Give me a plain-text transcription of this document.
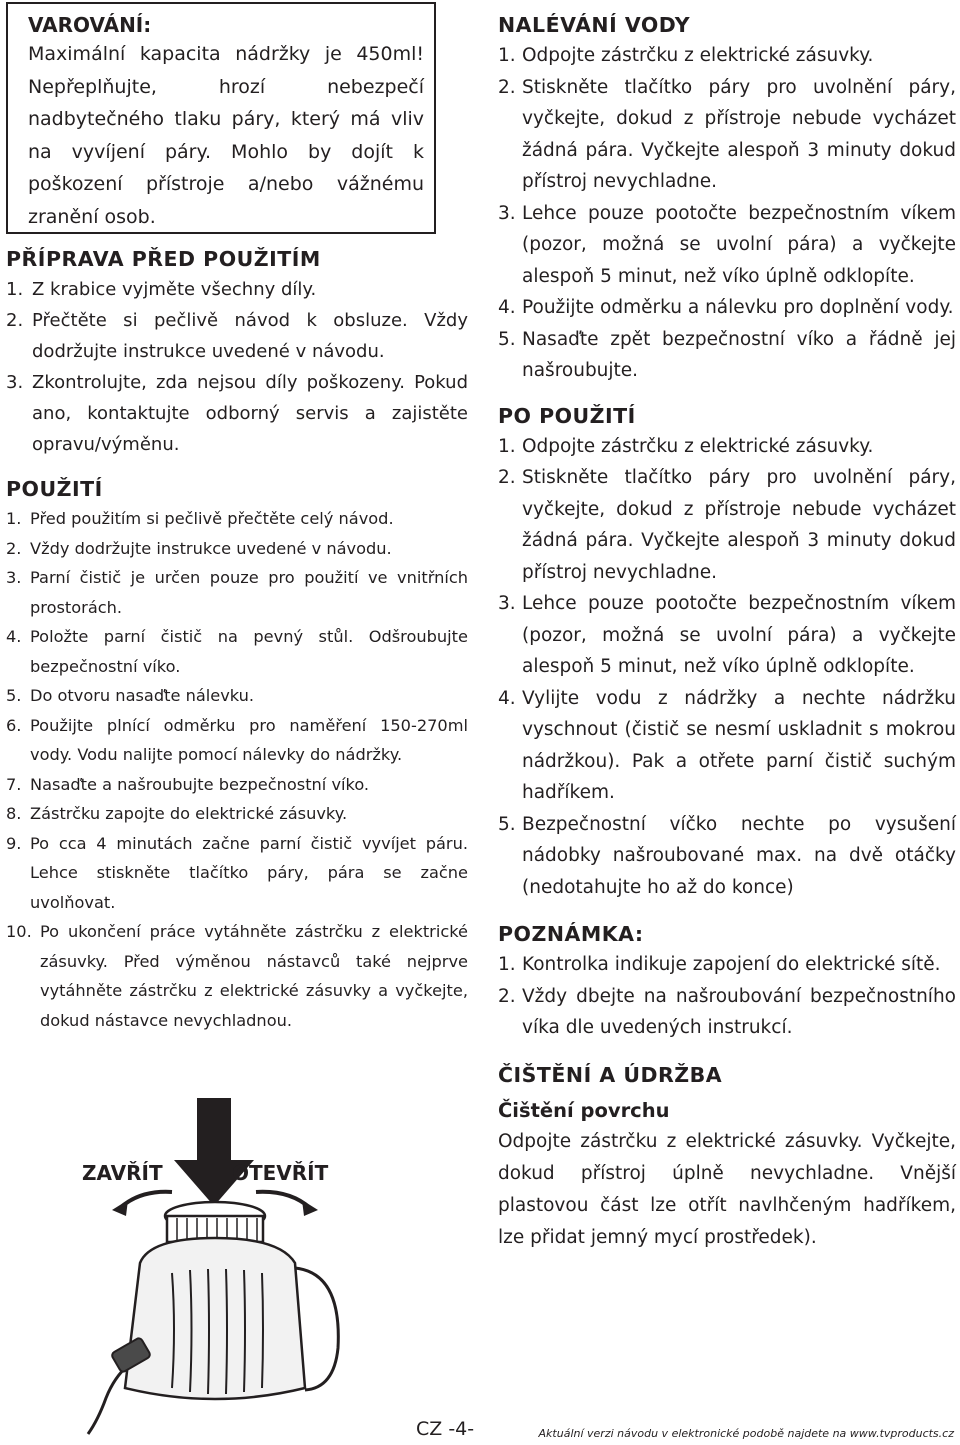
VAROVÁNÍ:
Maximální kapacita nádržky je 450ml! Nepřeplňujte, hrozí nebezpečí nadbytečného tlaku páry, který má vliv na vyvíjení páry. Mohlo by dojít k poškození přístroje a/nebo vážnému zranění osob.
PŘÍPRAVA PŘED POUŽITÍM
1. Z krabice vyjměte všechny díly.
2. Přečtěte si pečlivě návod k obsluze. Vždy dodržujte instrukce uvedené v návodu.
3. Zkontrolujte, zda nejsou díly poškozeny. Pokud ano, kontaktujte odborný servis a zajistěte opravu/výměnu.
POUŽITÍ
1. Před použitím si pečlivě přečtěte celý návod.
2. Vždy dodržujte instrukce uvedené v návodu.
3. Parní čistič je určen pouze pro použití ve vnitřních prostorách.
4. Položte parní čistič na pevný stůl. Odšroubujte bezpečnostní víko.
5. Do otvoru nasaďte nálevku.
6. Použijte plnící odměrku pro naměření 150-270ml vody. Vodu nalijte pomocí nálevky do nádržky.
7. Nasaďte a našroubujte bezpečnostní víko.
8. Zástrčku zapojte do elektrické zásuvky.
9. Po cca 4 minutách začne parní čistič vyvíjet páru. Lehce stiskněte tlačítko páry, pára se začne uvolňovat.
10. Po ukončení práce vytáhněte zástrčku z elektrické zásuvky. Před výměnou nástavců také nejprve vytáhněte zástrčku z elektrické zásuvky a vyčkejte, dokud nástavce nevychladnou.
ZAVŘÍT	OTEVŘÍT
NALÉVÁNÍ VODY
1. Odpojte zástrčku z elektrické zásuvky.
2. Stiskněte tlačítko páry pro uvolnění páry, vyčkejte, dokud z přístroje nebude vycházet žádná pára. Vyčkejte alespoň 3 minuty dokud přístroj nevychladne.
3. Lehce pouze pootočte bezpečnostním víkem (pozor, možná se uvolní pára) a vyčkejte alespoň 5 minut, než víko úplně odklopíte.
4. Použijte odměrku a nálevku pro doplnění vody.
5. Nasaďte zpět bezpečnostní víko a řádně jej našroubujte.
PO POUŽITÍ
1. Odpojte zástrčku z elektrické zásuvky.
2. Stiskněte tlačítko páry pro uvolnění páry, vyčkejte, dokud z přístroje nebude vycházet žádná pára. Vyčkejte alespoň 3 minuty dokud přístroj nevychladne.
3. Lehce pouze pootočte bezpečnostním víkem (pozor, možná se uvolní pára) a vyčkejte alespoň 5 minut, než víko úplně odklopíte.
4. Vylijte vodu z nádržky a nechte nádržku vyschnout (čistič se nesmí uskladnit s mokrou nádržkou). Pak a otřete parní čistič suchým hadříkem.
5. Bezpečnostní víčko nechte po vysušení nádobky našroubované max. na dvě otáčky (nedotahujte ho až do konce)
POZNÁMKA:
1. Kontrolka indikuje zapojení do elektrické sítě.
2. Vždy dbejte na našroubování bezpečnostního víka dle uvedených instrukcí.
ČIŠTĚNÍ A ÚDRŽBA
Čištění povrchu

Odpojte zástrčku z elektrické zásuvky. Vyčkejte, dokud přístroj úplně nevychladne. Vnější plastovou část lze otřít navlhčeným hadříkem, lze přidat jemný mycí prostředek).

CZ -4-	Aktuální verzi návodu v elektronické podobě najdete na www.tvproducts.cz
